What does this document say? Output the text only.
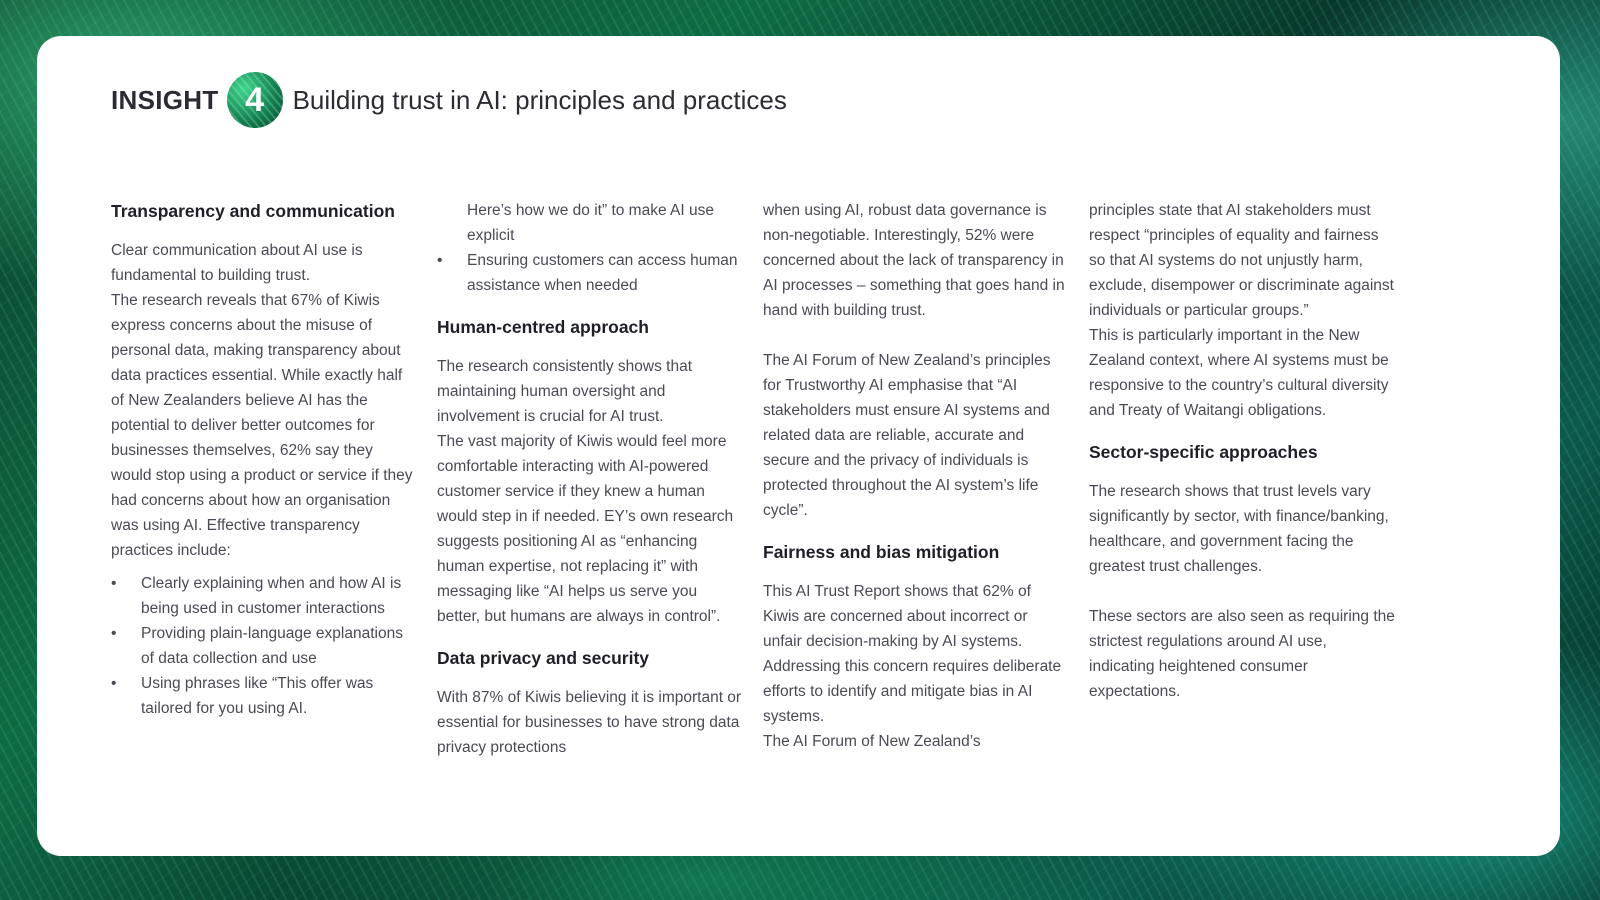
INSIGHT 4	Building trust in AI: principles and practices
Transparency and communication

Clear communication about AI use is fundamental to building trust.

The research reveals that 67% of Kiwis express concerns about the misuse of personal data, making transparency about data practices essential. While exactly half of New Zealanders believe AI has the potential to deliver better outcomes for businesses themselves, 62% say they would stop using a product or service if they had concerns about how an organisation was using AI. Effective transparency practices include:

• Clearly explaining when and how AI is being used in customer interactions
• Providing plain-language explanations of data collection and use
• Using phrases like “This offer was tailored for you using AI.

Here’s how we do it” to make AI use explicit

• Ensuring customers can access human assistance when needed
Human-centred approach

The research consistently shows that maintaining human oversight and involvement is crucial for AI trust.

The vast majority of Kiwis would feel more comfortable interacting with AI-powered customer service if they knew a human would step in if needed. EY’s own research suggests positioning AI as “enhancing human expertise, not replacing it” with messaging like “AI helps us serve you better, but humans are always in control”.

Data privacy and security

With 87% of Kiwis believing it is important or essential for businesses to have strong data privacy protections

when using AI, robust data governance is non-negotiable. Interestingly, 52% were concerned about the lack of transparency in AI processes – something that goes hand in hand with building trust.

The AI Forum of New Zealand’s principles for Trustworthy AI emphasise that “AI stakeholders must ensure AI systems and related data are reliable, accurate and secure and the privacy of individuals is protected throughout the AI system’s life cycle”.

Fairness and bias mitigation

This AI Trust Report shows that 62% of Kiwis are concerned about incorrect or unfair decision-making by AI systems. Addressing this concern requires deliberate efforts to identify and mitigate bias in AI systems.

The AI Forum of New Zealand’s

principles state that AI stakeholders must respect “principles of equality and fairness so that AI systems do not unjustly harm, exclude, disempower or discriminate against individuals or particular groups.”

This is particularly important in the New Zealand context, where AI systems must be responsive to the country’s cultural diversity and Treaty of Waitangi obligations.

Sector-specific approaches

The research shows that trust levels vary significantly by sector, with finance/banking, healthcare, and government facing the greatest trust challenges.

These sectors are also seen as requiring the strictest regulations around AI use, indicating heightened consumer expectations.
